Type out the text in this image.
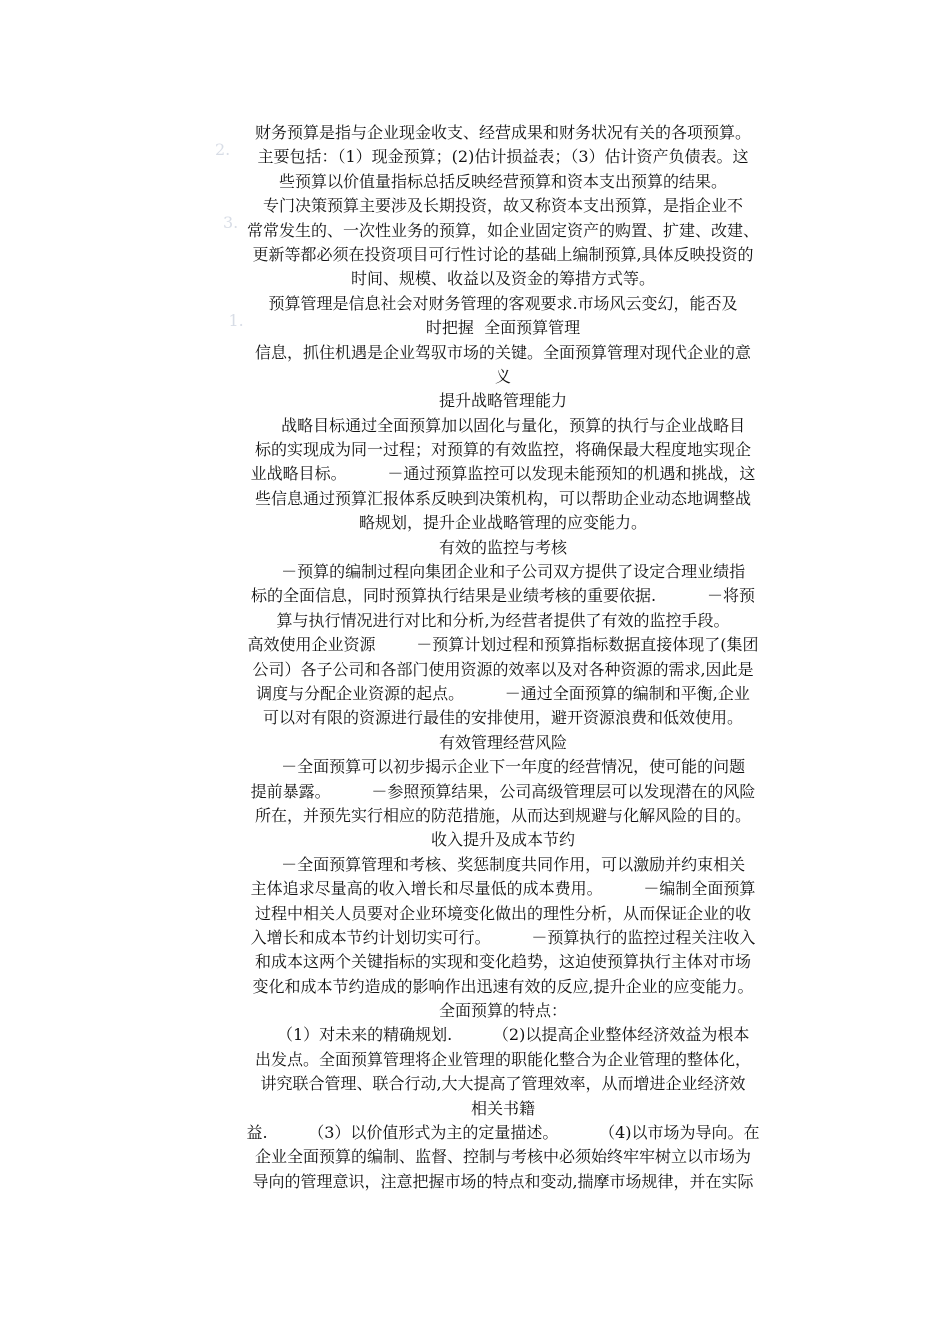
2.
财务预算是指与企业现金收支、经营成果和财务状况有关的各项预算。
主要包括：（1）现金预算；(2)估计损益表；（3）估计资产负债表。这
些预算以价值量指标总括反映经营预算和资本支出预算的结果。
3.
专门决策预算主要涉及长期投资，故又称资本支出预算，是指企业不
常常发生的、一次性业务的预算，如企业固定资产的购置、扩建、改建、
更新等都必须在投资项目可行性讨论的基础上编制预算,具体反映投资的
时间、规模、收益以及资金的筹措方式等。
1.
预算管理是信息社会对财务管理的客观要求.市场风云变幻，能否及
时把握  全面预算管理
信息，抓住机遇是企业驾驭市场的关键。全面预算管理对现代企业的意
义
提升战略管理能力
战略目标通过全面预算加以固化与量化，预算的执行与企业战略目
标的实现成为同一过程；对预算的有效监控，将确保最大程度地实现企
业战略目标。        －通过预算监控可以发现未能预知的机遇和挑战，这
些信息通过预算汇报体系反映到决策机构，可以帮助企业动态地调整战
略规划，提升企业战略管理的应变能力。
有效的监控与考核
－预算的编制过程向集团企业和子公司双方提供了设定合理业绩指
标的全面信息，同时预算执行结果是业绩考核的重要依据.          －将预
算与执行情况进行对比和分析,为经营者提供了有效的监控手段。
高效使用企业资源        －预算计划过程和预算指标数据直接体现了(集团
公司）各子公司和各部门使用资源的效率以及对各种资源的需求,因此是
调度与分配企业资源的起点。        －通过全面预算的编制和平衡,企业
可以对有限的资源进行最佳的安排使用，避开资源浪费和低效使用。
有效管理经营风险
－全面预算可以初步揭示企业下一年度的经营情况，使可能的问题
提前暴露。        －参照预算结果，公司高级管理层可以发现潜在的风险
所在，并预先实行相应的防范措施，从而达到规避与化解风险的目的。
收入提升及成本节约
－全面预算管理和考核、奖惩制度共同作用，可以激励并约束相关
主体追求尽量高的收入增长和尽量低的成本费用。        －编制全面预算
过程中相关人员要对企业环境变化做出的理性分析，从而保证企业的收
入增长和成本节约计划切实可行。        －预算执行的监控过程关注收入
和成本这两个关键指标的实现和变化趋势，这迫使预算执行主体对市场
变化和成本节约造成的影响作出迅速有效的反应,提升企业的应变能力。
全面预算的特点：
（1）对未来的精确规划.        （2)以提高企业整体经济效益为根本
出发点。全面预算管理将企业管理的职能化整合为企业管理的整体化，
讲究联合管理、联合行动,大大提高了管理效率，从而增进企业经济效
相关书籍
益.        （3）以价值形式为主的定量描述。        （4)以市场为导向。在
企业全面预算的编制、监督、控制与考核中必须始终牢牢树立以市场为
导向的管理意识，注意把握市场的特点和变动,揣摩市场规律，并在实际
